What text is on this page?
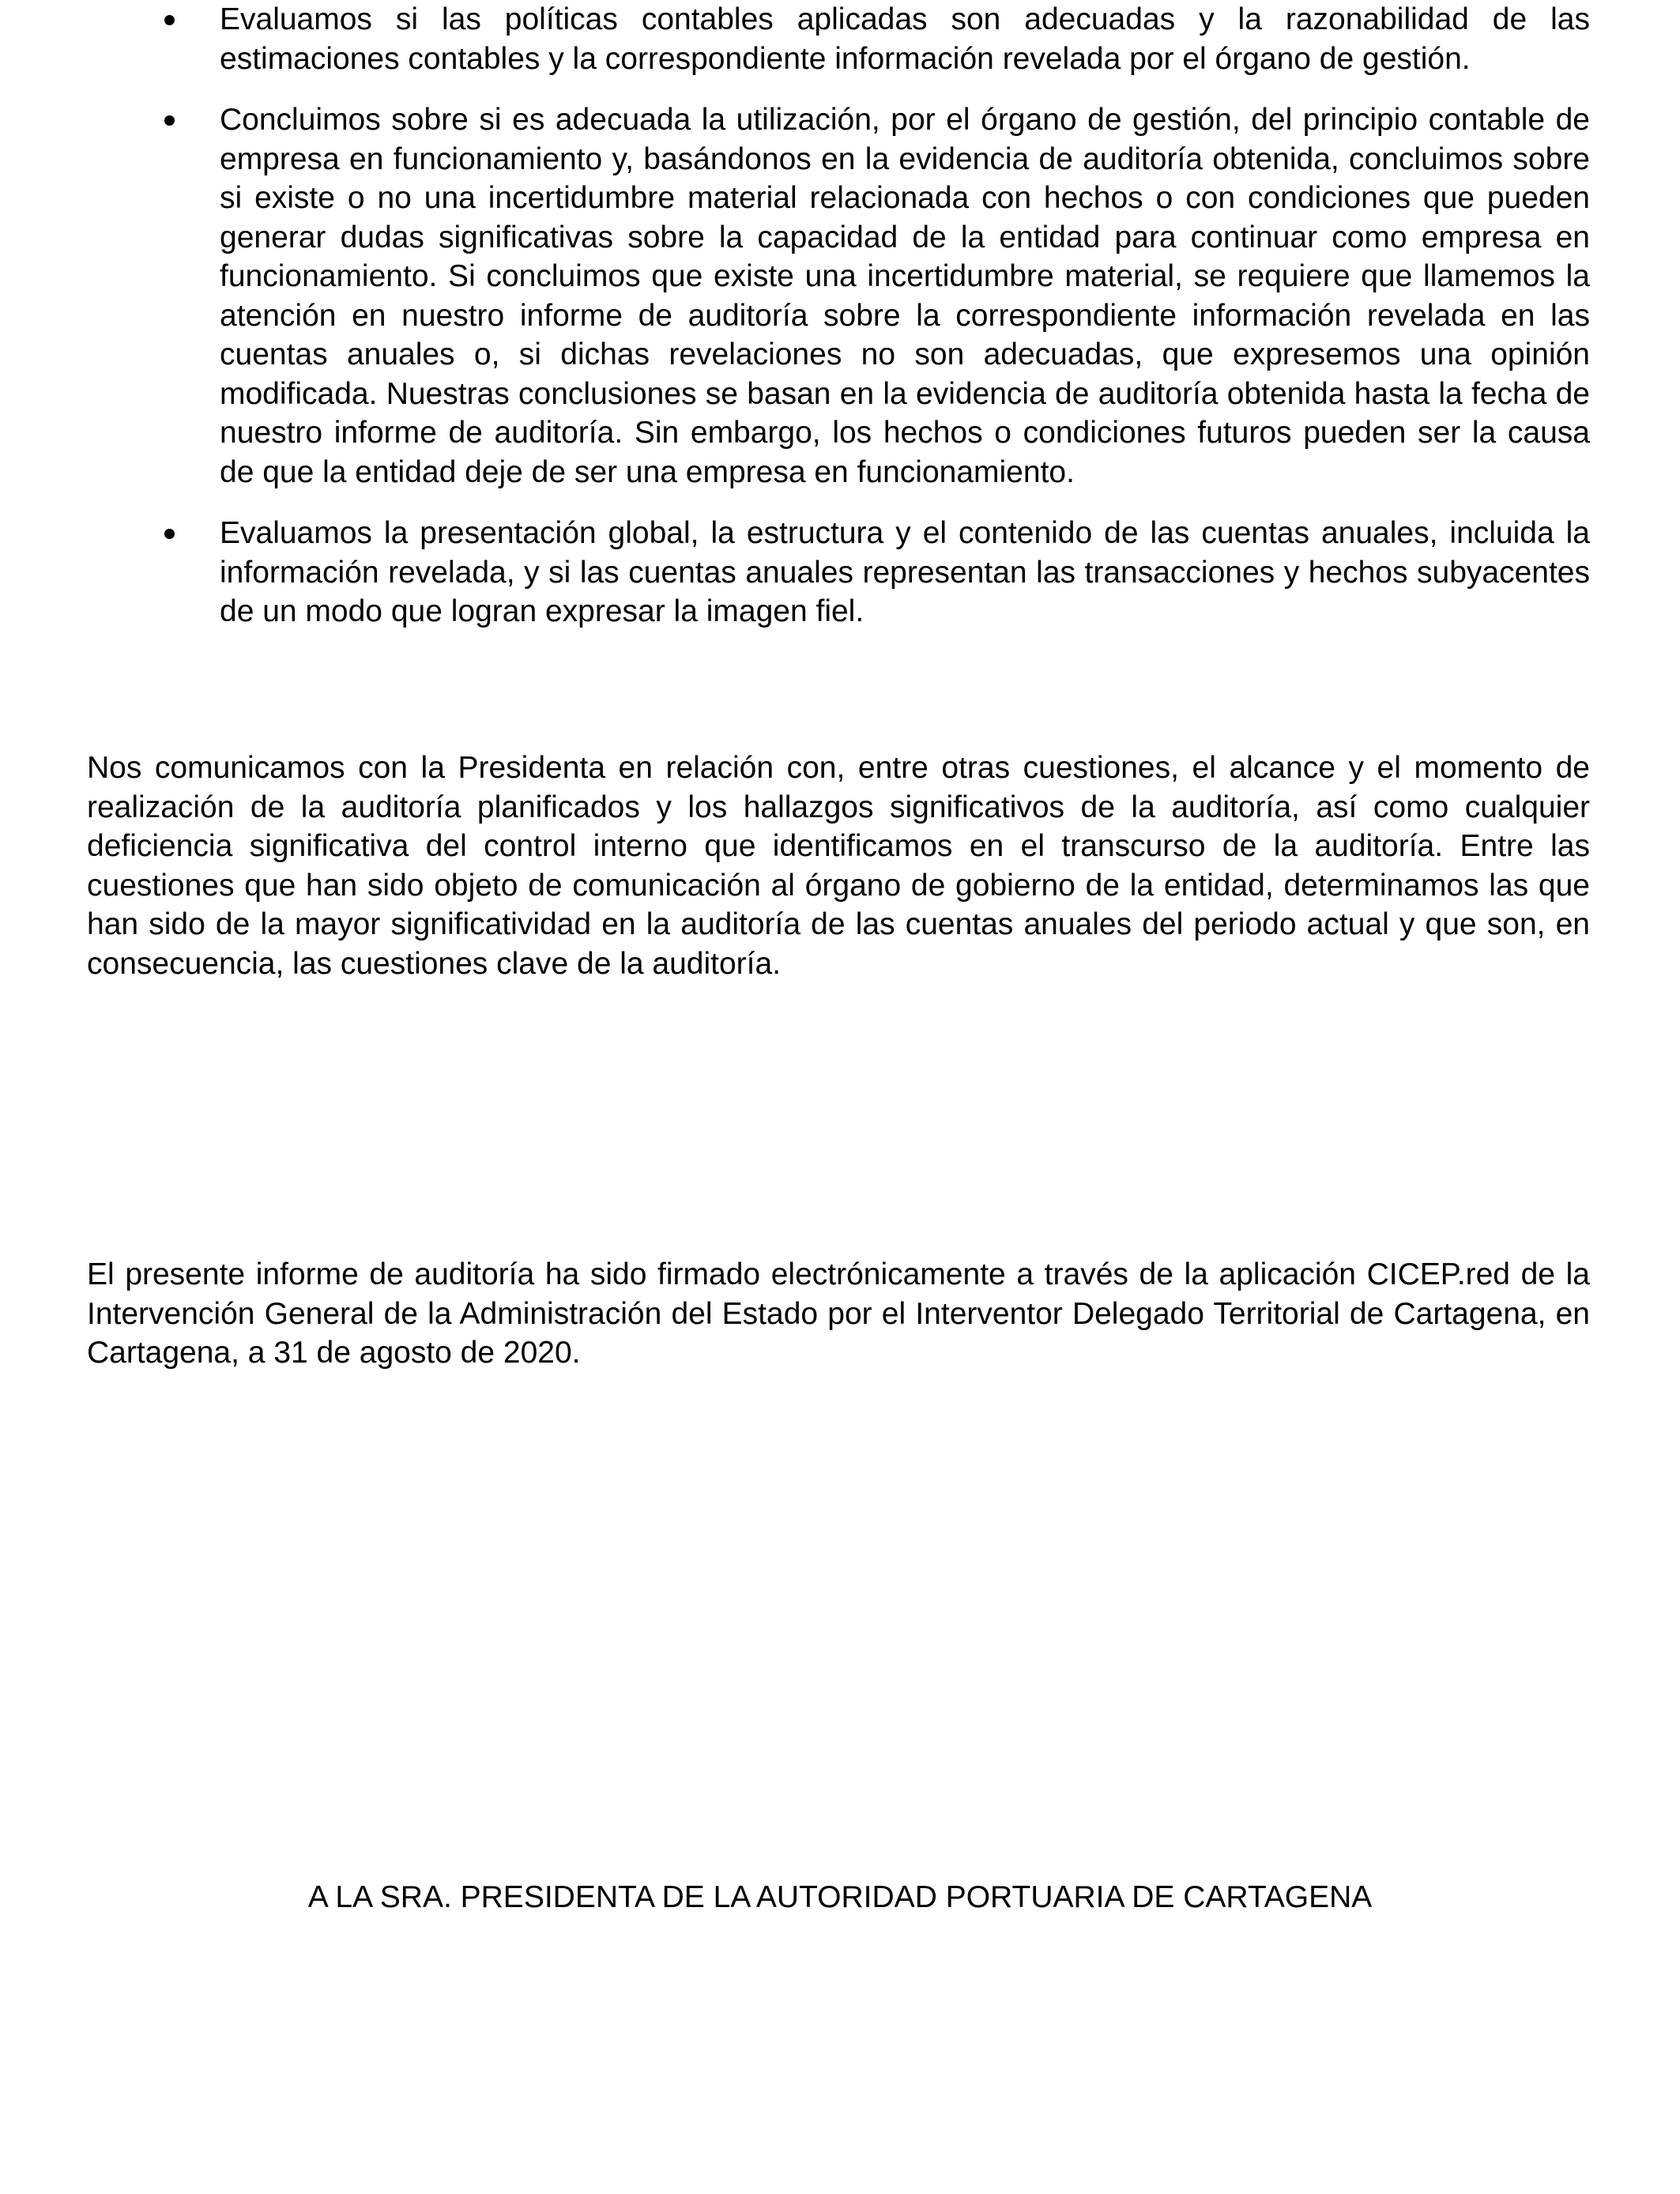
Evaluamos si las políticas contables aplicadas son adecuadas y la razonabilidad de las estimaciones contables y la correspondiente información revelada por el órgano de gestión.
Concluimos sobre si es adecuada la utilización, por el órgano de gestión, del principio contable de empresa en funcionamiento y, basándonos en la evidencia de auditoría obtenida, concluimos sobre si existe o no una incertidumbre material relacionada con hechos o con condiciones que pueden generar dudas significativas sobre la capacidad de la entidad para continuar como empresa en funcionamiento. Si concluimos que existe una incertidumbre material, se requiere que llamemos la atención en nuestro informe de auditoría sobre la correspondiente información revelada en las cuentas anuales o, si dichas revelaciones no son adecuadas, que expresemos una opinión modificada. Nuestras conclusiones se basan en la evidencia de auditoría obtenida hasta la fecha de nuestro informe de auditoría. Sin embargo, los hechos o condiciones futuros pueden ser la causa de que la entidad deje de ser una empresa en funcionamiento.
Evaluamos la presentación global, la estructura y el contenido de las cuentas anuales, incluida la información revelada, y si las cuentas anuales representan las transacciones y hechos subyacentes de un modo que logran expresar la imagen fiel.

Nos comunicamos con la Presidenta en relación con, entre otras cuestiones, el alcance y el momento de realización de la auditoría planificados y los hallazgos significativos de la auditoría, así como cualquier deficiencia significativa del control interno que identificamos en el transcurso de la auditoría. Entre las cuestiones que han sido objeto de comunicación al órgano de gobierno de la entidad, determinamos las que han sido de la mayor significatividad en la auditoría de las cuentas anuales del periodo actual y que son, en consecuencia, las cuestiones clave de la auditoría.

El presente informe de auditoría ha sido firmado electrónicamente a través de la aplicación CICEP.red de la Intervención General de la Administración del Estado por el Interventor Delegado Territorial de Cartagena, en Cartagena, a 31 de agosto de 2020.

A LA SRA. PRESIDENTA DE LA AUTORIDAD PORTUARIA DE CARTAGENA
